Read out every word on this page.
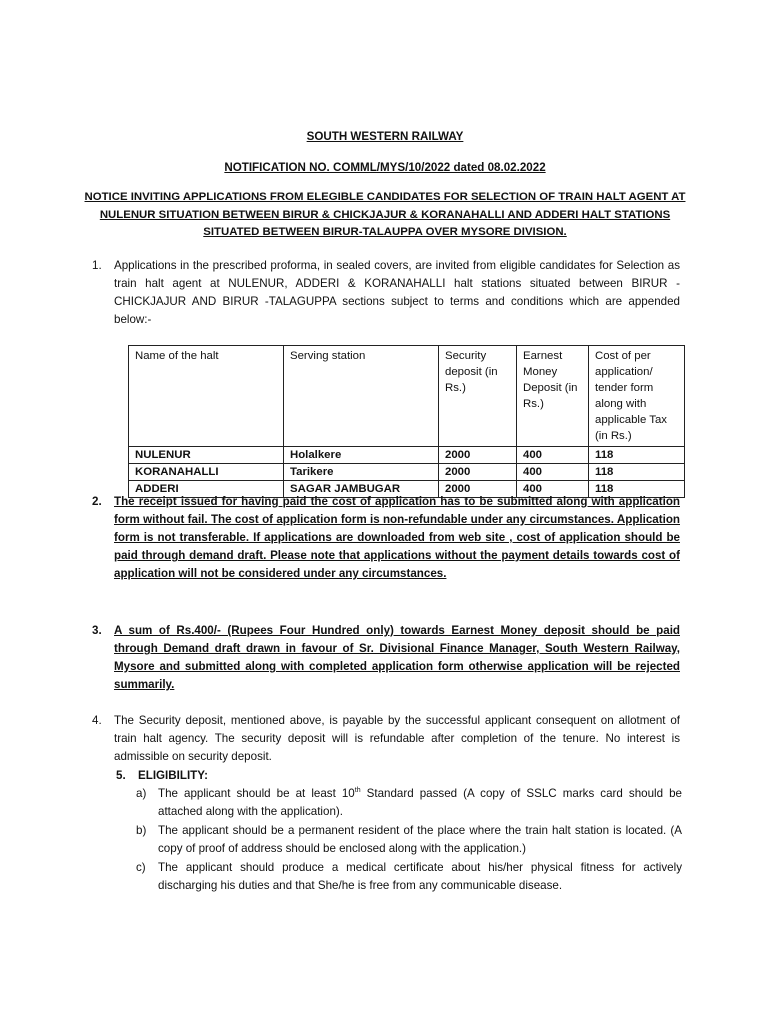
SOUTH WESTERN RAILWAY
NOTIFICATION NO. COMML/MYS/10/2022 dated 08.02.2022
NOTICE INVITING APPLICATIONS FROM ELEGIBLE CANDIDATES FOR SELECTION OF TRAIN HALT AGENT AT NULENUR SITUATION BETWEEN BIRUR & CHICKJAJUR & KORANAHALLI AND ADDERI HALT STATIONS SITUATED BETWEEN BIRUR-TALAUPPA OVER MYSORE DIVISION.
1. Applications in the prescribed proforma, in sealed covers, are invited from eligible candidates for Selection as train halt agent at NULENUR, ADDERI & KORANAHALLI halt stations situated between BIRUR - CHICKJAJUR AND BIRUR -TALAGUPPA sections subject to terms and conditions which are appended below:-
Name of the halt	Serving station	Security deposit (in Rs.)	Earnest Money Deposit (in Rs.)	Cost of per application/ tender form along with applicable Tax (in Rs.)
NULENUR	Holalkere	2000	400	118
KORANAHALLI	Tarikere	2000	400	118
ADDERI	SAGAR JAMBUGAR	2000	400	118
2. The receipt issued for having paid the cost of application has to be submitted along with application form without fail. The cost of application form is non-refundable under any circumstances. Application form is not transferable. If applications are downloaded from web site , cost of application should be paid through demand draft. Please note that applications without the payment details towards cost of application will not be considered under any circumstances.
3. A sum of Rs.400/- (Rupees Four Hundred only) towards Earnest Money deposit should be paid through Demand draft drawn in favour of Sr. Divisional Finance Manager, South Western Railway, Mysore and submitted along with completed application form otherwise application will be rejected summarily.
4. The Security deposit, mentioned above, is payable by the successful applicant consequent on allotment of train halt agency. The security deposit will is refundable after completion of the tenure. No interest is admissible on security deposit.
5. ELIGIBILITY:
a) The applicant should be at least 10th Standard passed (A copy of SSLC marks card should be attached along with the application).
b) The applicant should be a permanent resident of the place where the train halt station is located. (A copy of proof of address should be enclosed along with the application.)
c) The applicant should produce a medical certificate about his/her physical fitness for actively discharging his duties and that She/he is free from any communicable disease.
